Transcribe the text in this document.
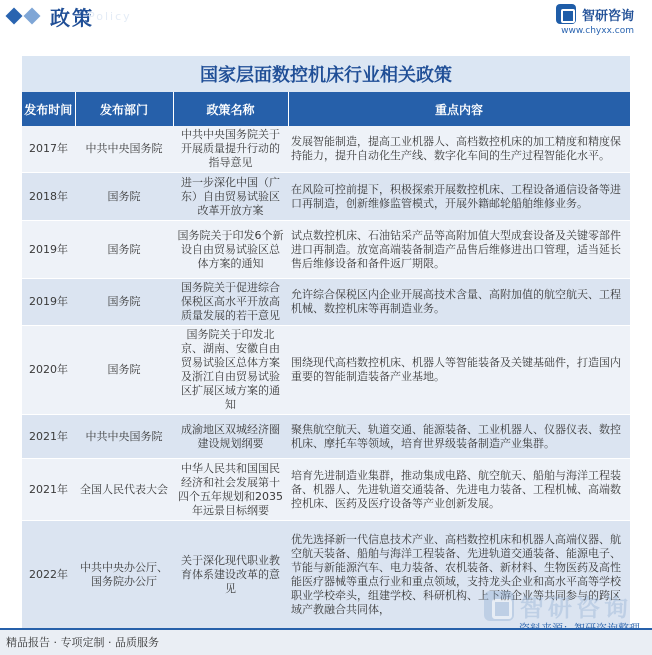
政策
Policy	智研咨询
www.chyxx.com
国家层面数控机床行业相关政策
发布时间	发布部门	政策名称	重点内容
2017年	中共中央国务院	中共中央国务院关于开展质量提升行动的指导意见	发展智能制造，提高工业机器人、高档数控机床的加工精度和精度保持能力，提升自动化生产线、数字化车间的生产过程智能化水平。
2018年	国务院	进一步深化中国（广东）自由贸易试验区改革开放方案	在风险可控前提下，积极探索开展数控机床、工程设备通信设备等进口再制造，创新维修监管模式，开展外籍邮轮船舶维修业务。
2019年	国务院	国务院关于印发6个新设自由贸易试验区总体方案的通知	试点数控机床、石油钻采产品等高附加值大型成套设备及关键零部件进口再制造。放宽高端装备制造产品售后维修进出口管理，适当延长售后维修设备和备件返厂期限。
2019年	国务院	国务院关于促进综合保税区高水平开放高质量发展的若干意见	允许综合保税区内企业开展高技术含量、高附加值的航空航天、工程机械、数控机床等再制造业务。
2020年	国务院	国务院关于印发北京、湖南、安徽自由贸易试验区总体方案及浙江自由贸易试验区扩展区域方案的通知	围绕现代高档数控机床、机器人等智能装备及关键基础件，打造国内重要的智能制造装备产业基地。
2021年	中共中央国务院	成渝地区双城经济圈建设规划纲要	聚焦航空航天、轨道交通、能源装备、工业机器人、仪器仪表、数控机床、摩托车等领域，培育世界级装备制造产业集群。
2021年	全国人民代表大会	中华人民共和国国民经济和社会发展第十四个五年规划和2035年远景目标纲要	培育先进制造业集群，推动集成电路、航空航天、船舶与海洋工程装备、机器人、先进轨道交通装备、先进电力装备、工程机械、高端数控机床、医药及医疗设备等产业创新发展。
2022年	中共中央办公厅、国务院办公厅	关于深化现代职业教育体系建设改革的意见	优先选择新一代信息技术产业、高档数控机床和机器人高端仪器、航空航天装备、船舶与海洋工程装备、先进轨道交通装备、能源电子、节能与新能源汽车、电力装备、农机装备、新材料、生物医药及高性能医疗器械等重点行业和重点领域，支持龙头企业和高水平高等学校职业学校牵头，组建学校、科研机构、上下游企业等共同参与的跨区域产教融合共同体，	智研咨询
精品报告 · 专项定制 · 品质服务
